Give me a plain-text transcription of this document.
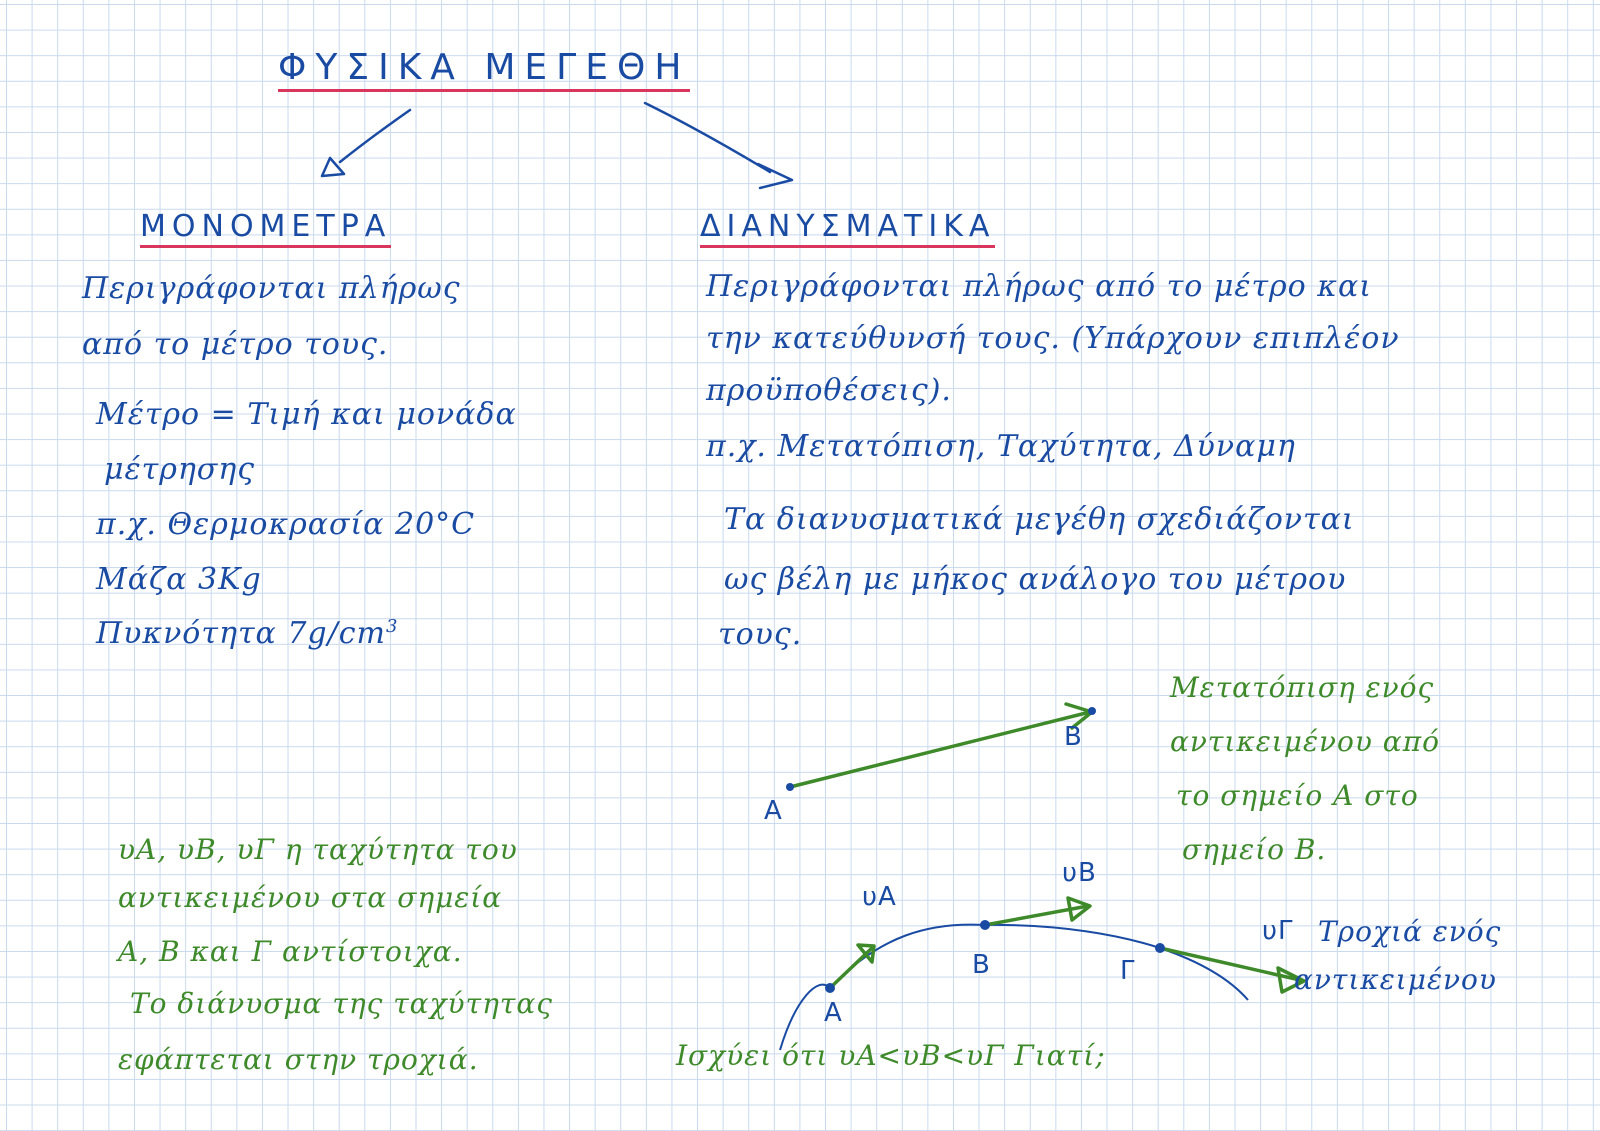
ΦΥΣΙΚΑ ΜΕΓΕΘΗ
ΜΟΝΟΜΕΤΡΑ
Περιγράφονται πλήρως
από το μέτρο τους.
Μέτρο = Τιμή και μονάδα
μέτρησης
π.χ. Θερμοκρασία 20°C
Μάζα 3Kg
Πυκνότητα $7g/cm^3$
ΔΙΑΝΥΣΜΑΤΙΚΑ
Περιγράφονται πλήρως από το μέτρο και
την κατεύθυνσή τους. (Υπάρχουν επιπλέον
προϋποθέσεις).
π.χ. Μετατόπιση, Ταχύτητα, Δύναμη
Τα διανυσματικά μεγέθη σχεδιάζονται
ως βέλη με μήκος ανάλογο του μέτρου
τους.
A
B
Μετατόπιση ενός
αντικειμένου από
το σημείο A στο
σημείο B.
υA, υB, υΓ η ταχύτητα του
αντικειμένου στα σημεία
A, B και Γ αντίστοιχα.
Το διάνυσμα της ταχύτητας
εφάπτεται στην τροχιά.
υA
υB
υΓ
A
B	Γ
Τροχιά ενός
αντικειμένου
Ισχύει ότι υA<υB<υΓ Γιατί;
